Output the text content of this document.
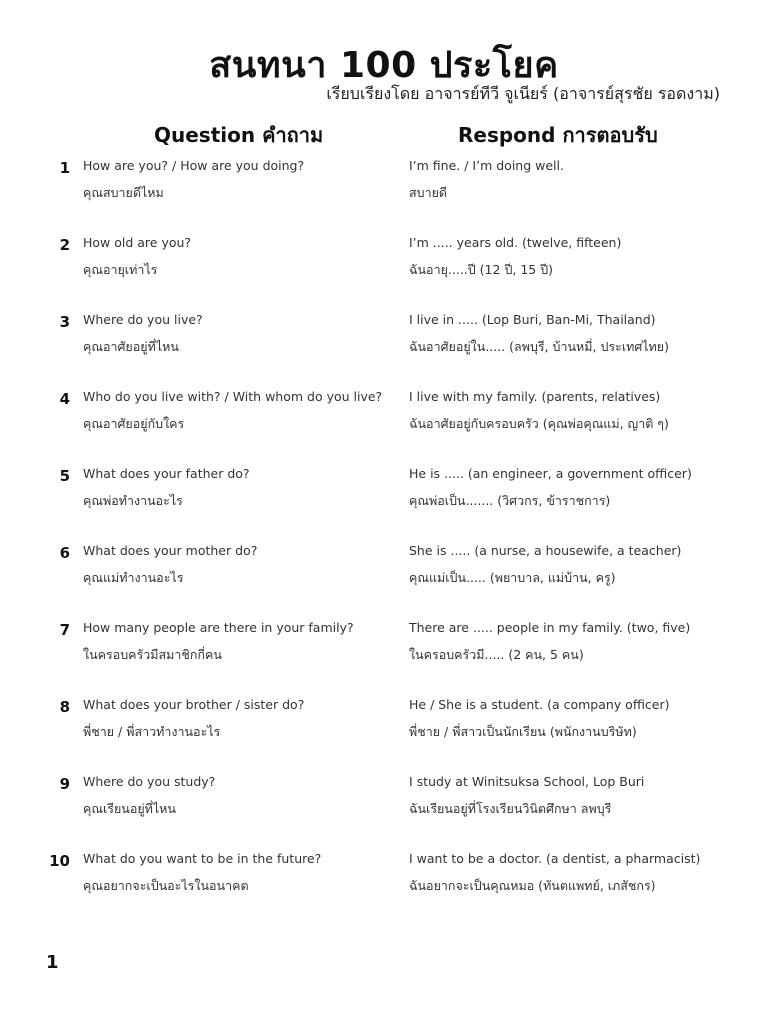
สนทนา 100 ประโยค
เรียบเรียงโดย อาจารย์ทีวี จูเนียร์ (อาจารย์สุรชัย รอดงาม)
Question คำถาม	Respond การตอบรับ
1 How are you? / How are you doing?
คุณสบายดีไหม
I’m fine. / I’m doing well.
สบายดี
2 How old are you?
คุณอายุเท่าไร
I’m ..... years old. (twelve, fifteen)
ฉันอายุ.....ปี (12 ปี, 15 ปี)
3 Where do you live?
คุณอาศัยอยู่ที่ไหน
I live in ..... (Lop Buri, Ban-Mi, Thailand)
ฉันอาศัยอยู่ใน..... (ลพบุรี, บ้านหมี่, ประเทศไทย)
4 Who do you live with? / With whom do you live?
คุณอาศัยอยู่กับใคร
I live with my family. (parents, relatives)
ฉันอาศัยอยู่กับครอบครัว (คุณพ่อคุณแม่, ญาติ ๆ)
5 What does your father do?
คุณพ่อทำงานอะไร
He is ..... (an engineer, a government officer)
คุณพ่อเป็น....... (วิศวกร, ข้าราชการ)
6 What does your mother do?
คุณแม่ทำงานอะไร
She is ..... (a nurse, a housewife, a teacher)
คุณแม่เป็น..... (พยาบาล, แม่บ้าน, ครู)
7 How many people are there in your family?
ในครอบครัวมีสมาชิกกี่คน
There are ..... people in my family. (two, five)
ในครอบครัวมี..... (2 คน, 5 คน)
8 What does your brother / sister do?
พี่ชาย / พี่สาวทำงานอะไร
He / She is a student. (a company officer)
พี่ชาย / พี่สาวเป็นนักเรียน (พนักงานบริษัท)
9 Where do you study?
คุณเรียนอยู่ที่ไหน
I study at Winitsuksa School, Lop Buri
ฉันเรียนอยู่ที่โรงเรียนวินิตศึกษา ลพบุรี
10 What do you want to be in the future?
คุณอยากจะเป็นอะไรในอนาคต
I want to be a doctor. (a dentist, a pharmacist)
ฉันอยากจะเป็นคุณหมอ (ทันตแพทย์, เภสัชกร)
1
